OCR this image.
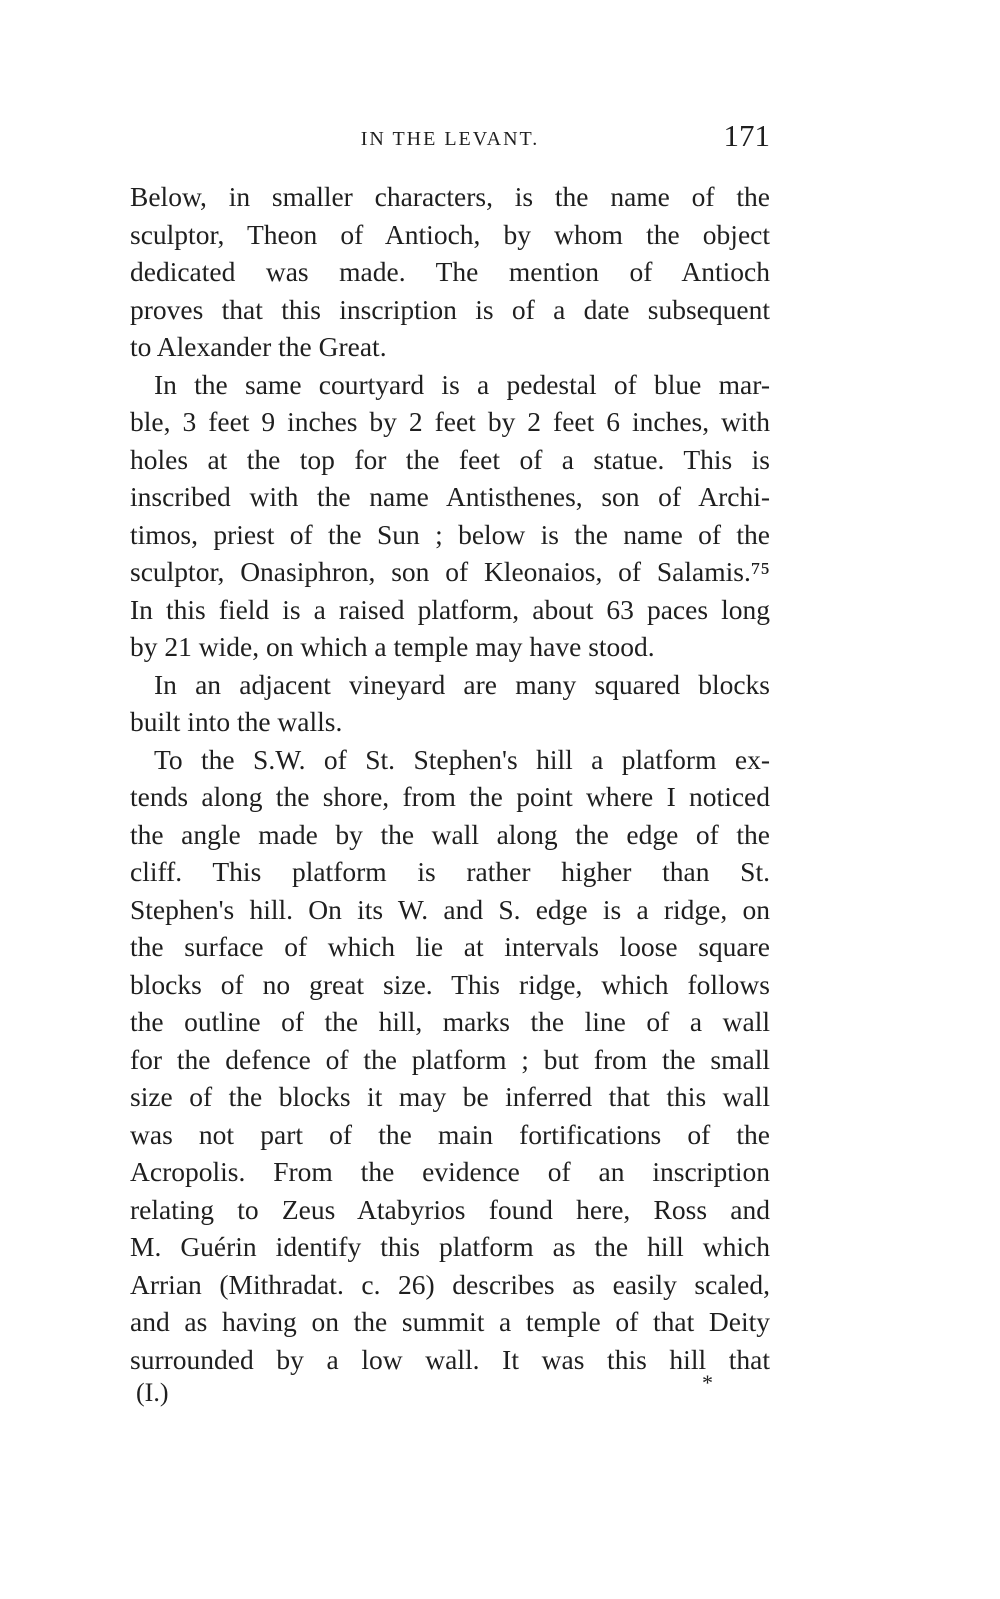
IN THE LEVANT.	171
Below, in smaller characters, is the name of the
sculptor, Theon of Antioch, by whom the object
dedicated was made. The mention of Antioch
proves that this inscription is of a date subsequent
to Alexander the Great.
In the same courtyard is a pedestal of blue mar-
ble, 3 feet 9 inches by 2 feet by 2 feet 6 inches, with
holes at the top for the feet of a statue. This is
inscribed with the name Antisthenes, son of Archi-
timos, priest of the Sun ; below is the name of the
sculptor, Onasiphron, son of Kleonaios, of Salamis.⁷⁵
In this field is a raised platform, about 63 paces long
by 21 wide, on which a temple may have stood.
In an adjacent vineyard are many squared blocks
built into the walls.
To the S.W. of St. Stephen's hill a platform ex-
tends along the shore, from the point where I noticed
the angle made by the wall along the edge of the
cliff. This platform is rather higher than St.
Stephen's hill. On its W. and S. edge is a ridge, on
the surface of which lie at intervals loose square
blocks of no great size. This ridge, which follows
the outline of the hill, marks the line of a wall
for the defence of the platform ; but from the small
size of the blocks it may be inferred that this wall
was not part of the main fortifications of the
Acropolis. From the evidence of an inscription
relating to Zeus Atabyrios found here, Ross and
M. Guérin identify this platform as the hill which
Arrian (Mithradat. c. 26) describes as easily scaled,
and as having on the summit a temple of that Deity
surrounded by a low wall. It was this hill that
(I.)	*
